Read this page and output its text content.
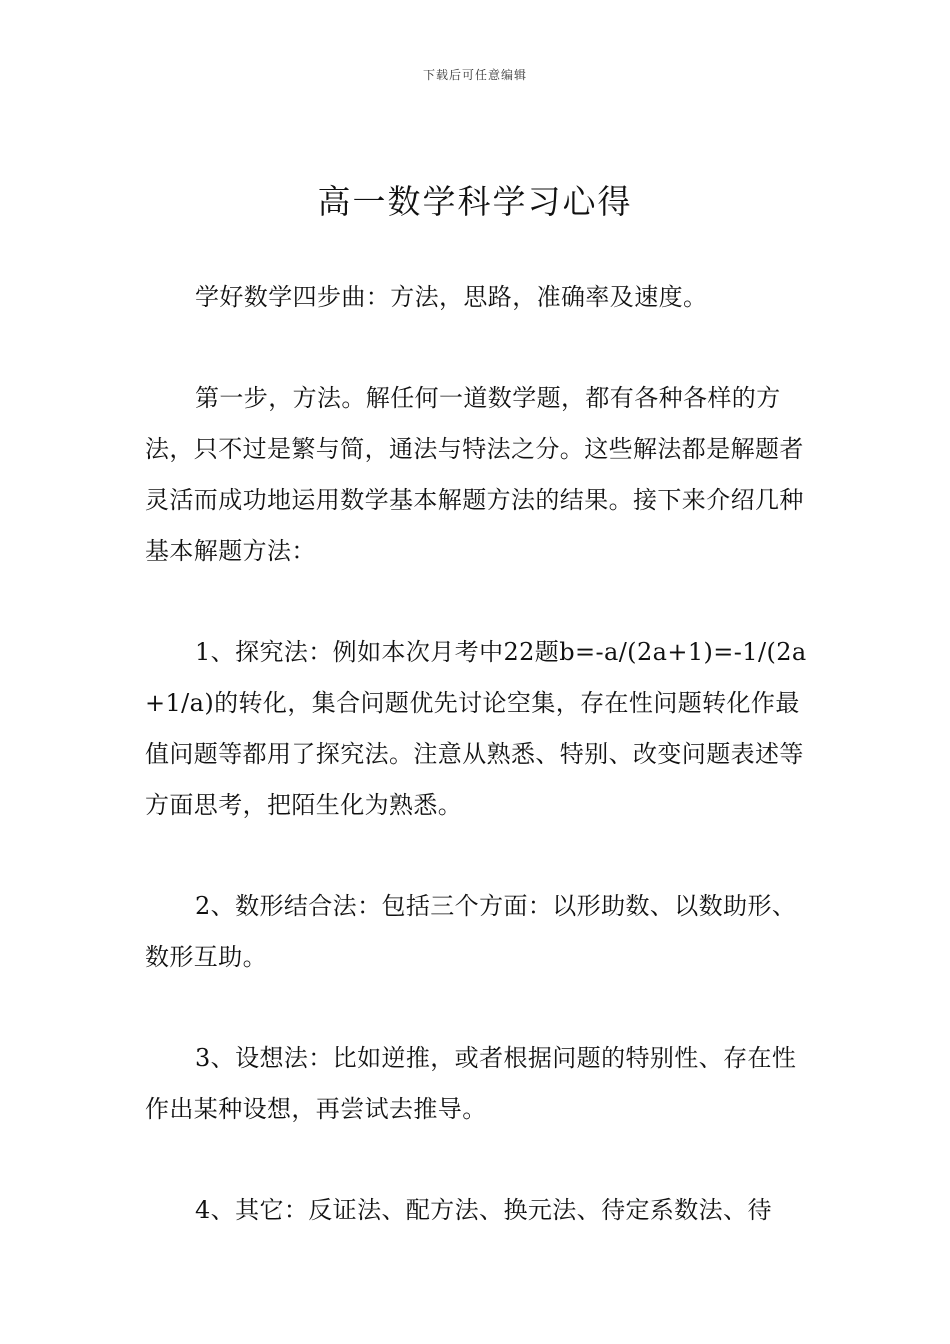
下载后可任意编辑
高一数学科学习心得

学好数学四步曲：方法，思路，准确率及速度。

第一步，方法。解任何一道数学题，都有各种各样的方法，只不过是繁与简，通法与特法之分。这些解法都是解题者灵活而成功地运用数学基本解题方法的结果。接下来介绍几种基本解题方法：

1、探究法：例如本次月考中22题b=-a/(2a+1)=-1/(2a+1/a)的转化，集合问题优先讨论空集，存在性问题转化作最值问题等都用了探究法。注意从熟悉、特别、改变问题表述等方面思考，把陌生化为熟悉。

2、数形结合法：包括三个方面：以形助数、以数助形、数形互助。

3、设想法：比如逆推，或者根据问题的特别性、存在性作出某种设想，再尝试去推导。

4、其它：反证法、配方法、换元法、待定系数法、待
